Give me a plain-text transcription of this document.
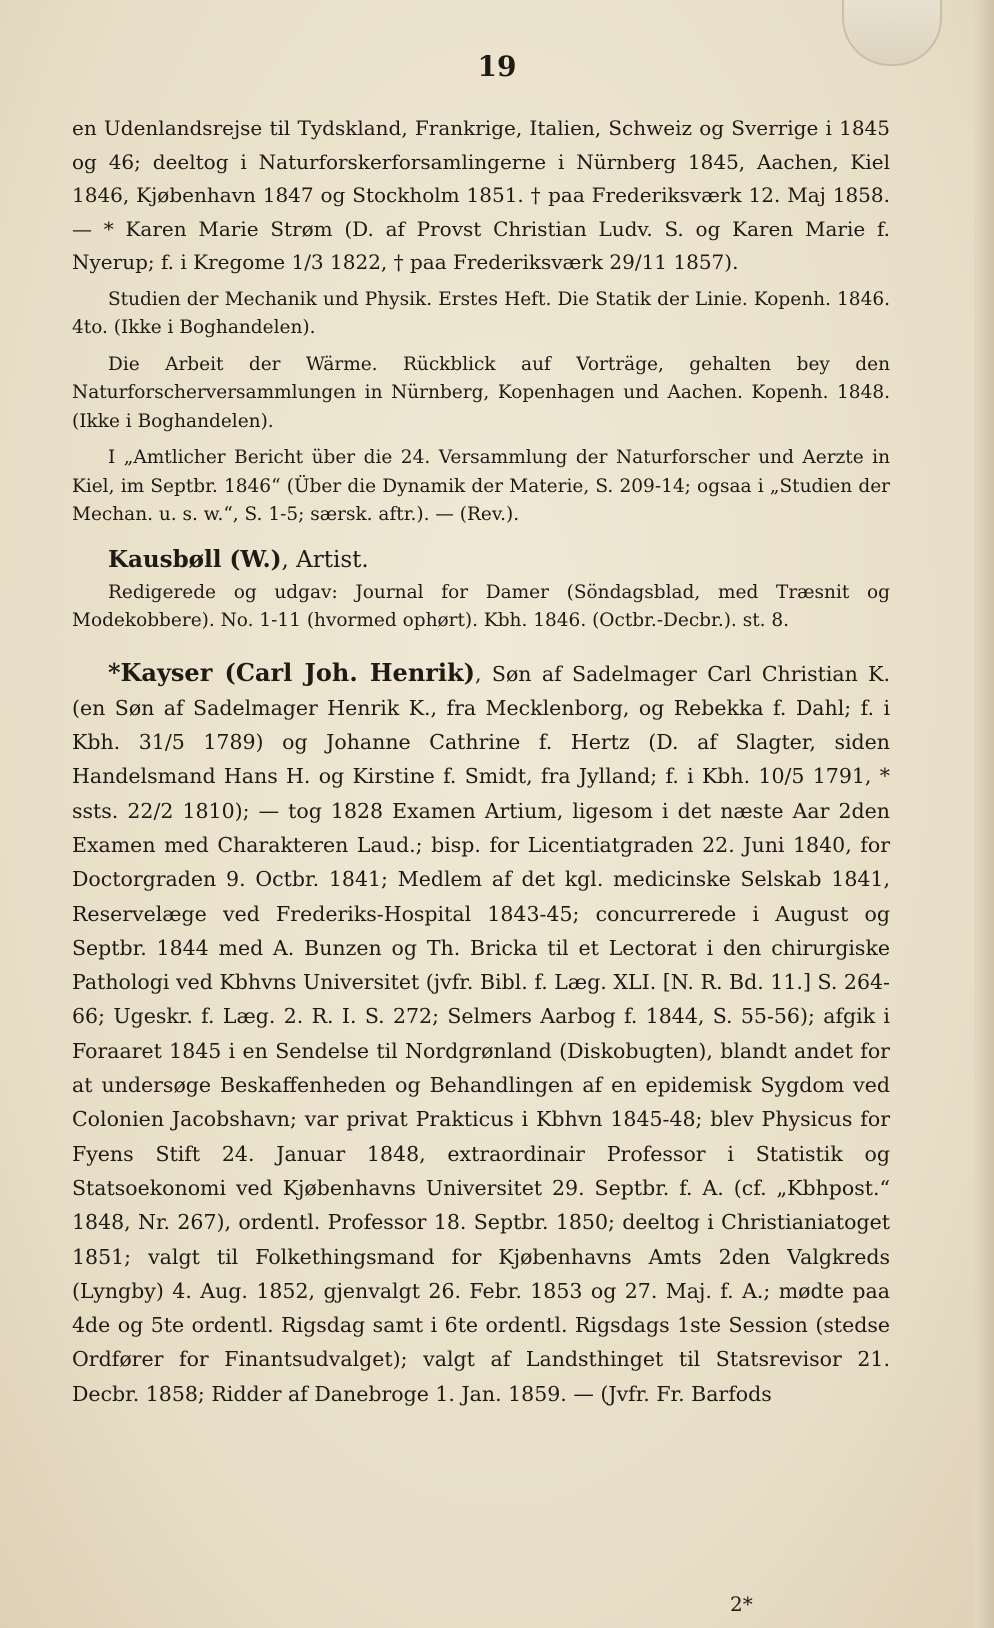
19

en Udenlandsrejse til Tydskland, Frankrige, Italien, Schweiz og Sverrige i 1845 og 46; deeltog i Naturforskerforsamlingerne i Nürnberg 1845, Aachen, Kiel 1846, Kjøbenhavn 1847 og Stockholm 1851. † paa Frederiksværk 12. Maj 1858. — * Karen Marie Strøm (D. af Provst Christian Ludv. S. og Karen Marie f. Nyerup; f. i Kregome 1/3 1822, † paa Frederiksværk 29/11 1857).

Studien der Mechanik und Physik. Erstes Heft. Die Statik der Linie. Kopenh. 1846. 4to. (Ikke i Boghandelen).

Die Arbeit der Wärme. Rückblick auf Vorträge, gehalten bey den Naturforscherversammlungen in Nürnberg, Kopenhagen und Aachen. Kopenh. 1848. (Ikke i Boghandelen).

I „Amtlicher Bericht über die 24. Versammlung der Naturforscher und Aerzte in Kiel, im Septbr. 1846“ (Über die Dynamik der Materie, S. 209-14; ogsaa i „Studien der Mechan. u. s. w.“, S. 1-5; særsk. aftr.). — (Rev.).

Kausbøll (W.), Artist.

Redigerede og udgav: Journal for Damer (Söndagsblad, med Træsnit og Modekobbere). No. 1-11 (hvormed ophørt). Kbh. 1846. (Octbr.-Decbr.). st. 8.

*Kayser (Carl Joh. Henrik), Søn af Sadelmager Carl Christian K. (en Søn af Sadelmager Henrik K., fra Mecklenborg, og Rebekka f. Dahl; f. i Kbh. 31/5 1789) og Johanne Cathrine f. Hertz (D. af Slagter, siden Handelsmand Hans H. og Kirstine f. Smidt, fra Jylland; f. i Kbh. 10/5 1791, * ssts. 22/2 1810); — tog 1828 Examen Artium, ligesom i det næste Aar 2den Examen med Charakteren Laud.; bisp. for Licentiatgraden 22. Juni 1840, for Doctorgraden 9. Octbr. 1841; Medlem af det kgl. medicinske Selskab 1841, Reservelæge ved Frederiks-Hospital 1843-45; concurrerede i August og Septbr. 1844 med A. Bunzen og Th. Bricka til et Lectorat i den chirurgiske Pathologi ved Kbhvns Universitet (jvfr. Bibl. f. Læg. XLI. [N. R. Bd. 11.] S. 264-66; Ugeskr. f. Læg. 2. R. I. S. 272; Selmers Aarbog f. 1844, S. 55-56); afgik i Foraaret 1845 i en Sendelse til Nordgrønland (Diskobugten), blandt andet for at undersøge Beskaffenheden og Behandlingen af en epidemisk Sygdom ved Colonien Jacobshavn; var privat Prakticus i Kbhvn 1845-48; blev Physicus for Fyens Stift 24. Januar 1848, extraordinair Professor i Statistik og Statsoekonomi ved Kjøbenhavns Universitet 29. Septbr. f. A. (cf. „Kbhpost.“ 1848, Nr. 267), ordentl. Professor 18. Septbr. 1850; deeltog i Christianiatoget 1851; valgt til Folkethingsmand for Kjøbenhavns Amts 2den Valgkreds (Lyngby) 4. Aug. 1852, gjenvalgt 26. Febr. 1853 og 27. Maj. f. A.; mødte paa 4de og 5te ordentl. Rigsdag samt i 6te ordentl. Rigsdags 1ste Session (stedse Ordfører for Finantsudvalget); valgt af Landsthinget til Statsrevisor 21. Decbr. 1858; Ridder af Danebroge 1. Jan. 1859. — (Jvfr. Fr. Barfods

2*
